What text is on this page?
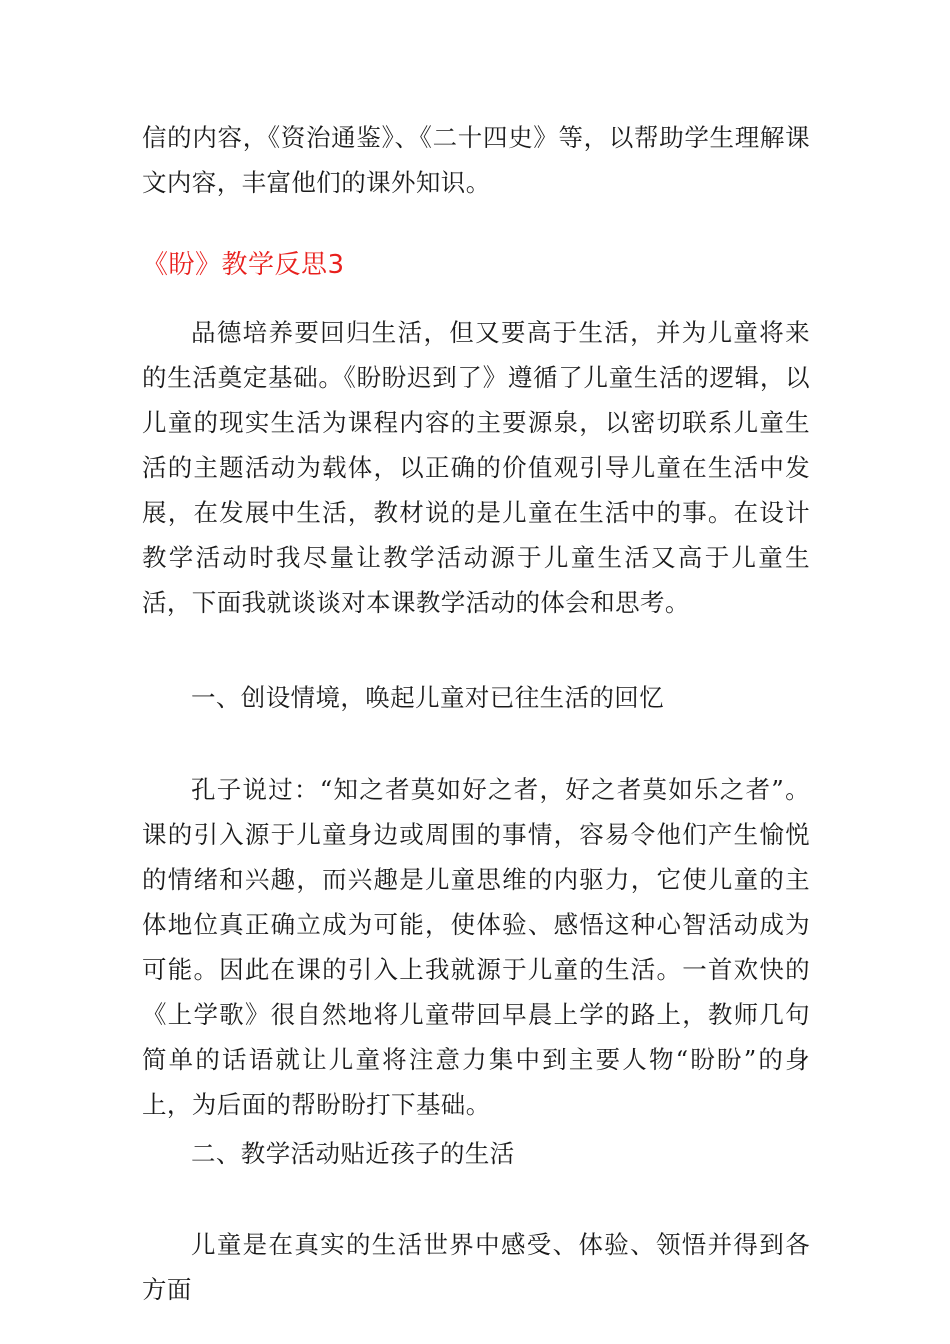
信的内容，《资治通鉴》、《二十四史》等，以帮助学生理解课文内容，丰富他们的课外知识。

《盼》教学反思3

品德培养要回归生活，但又要高于生活，并为儿童将来的生活奠定基础。《盼盼迟到了》遵循了儿童生活的逻辑，以儿童的现实生活为课程内容的主要源泉，以密切联系儿童生活的主题活动为载体，以正确的价值观引导儿童在生活中发展，在发展中生活，教材说的是儿童在生活中的事。在设计教学活动时我尽量让教学活动源于儿童生活又高于儿童生活，下面我就谈谈对本课教学活动的体会和思考。

一、创设情境，唤起儿童对已往生活的回忆

孔子说过：“知之者莫如好之者，好之者莫如乐之者”。课的引入源于儿童身边或周围的事情，容易令他们产生愉悦的情绪和兴趣，而兴趣是儿童思维的内驱力，它使儿童的主体地位真正确立成为可能，使体验、感悟这种心智活动成为可能。因此在课的引入上我就源于儿童的生活。一首欢快的《上学歌》很自然地将儿童带回早晨上学的路上，教师几句简单的话语就让儿童将注意力集中到主要人物“盼盼”的身上，为后面的帮盼盼打下基础。

二、教学活动贴近孩子的生活

儿童是在真实的生活世界中感受、体验、领悟并得到各方面
